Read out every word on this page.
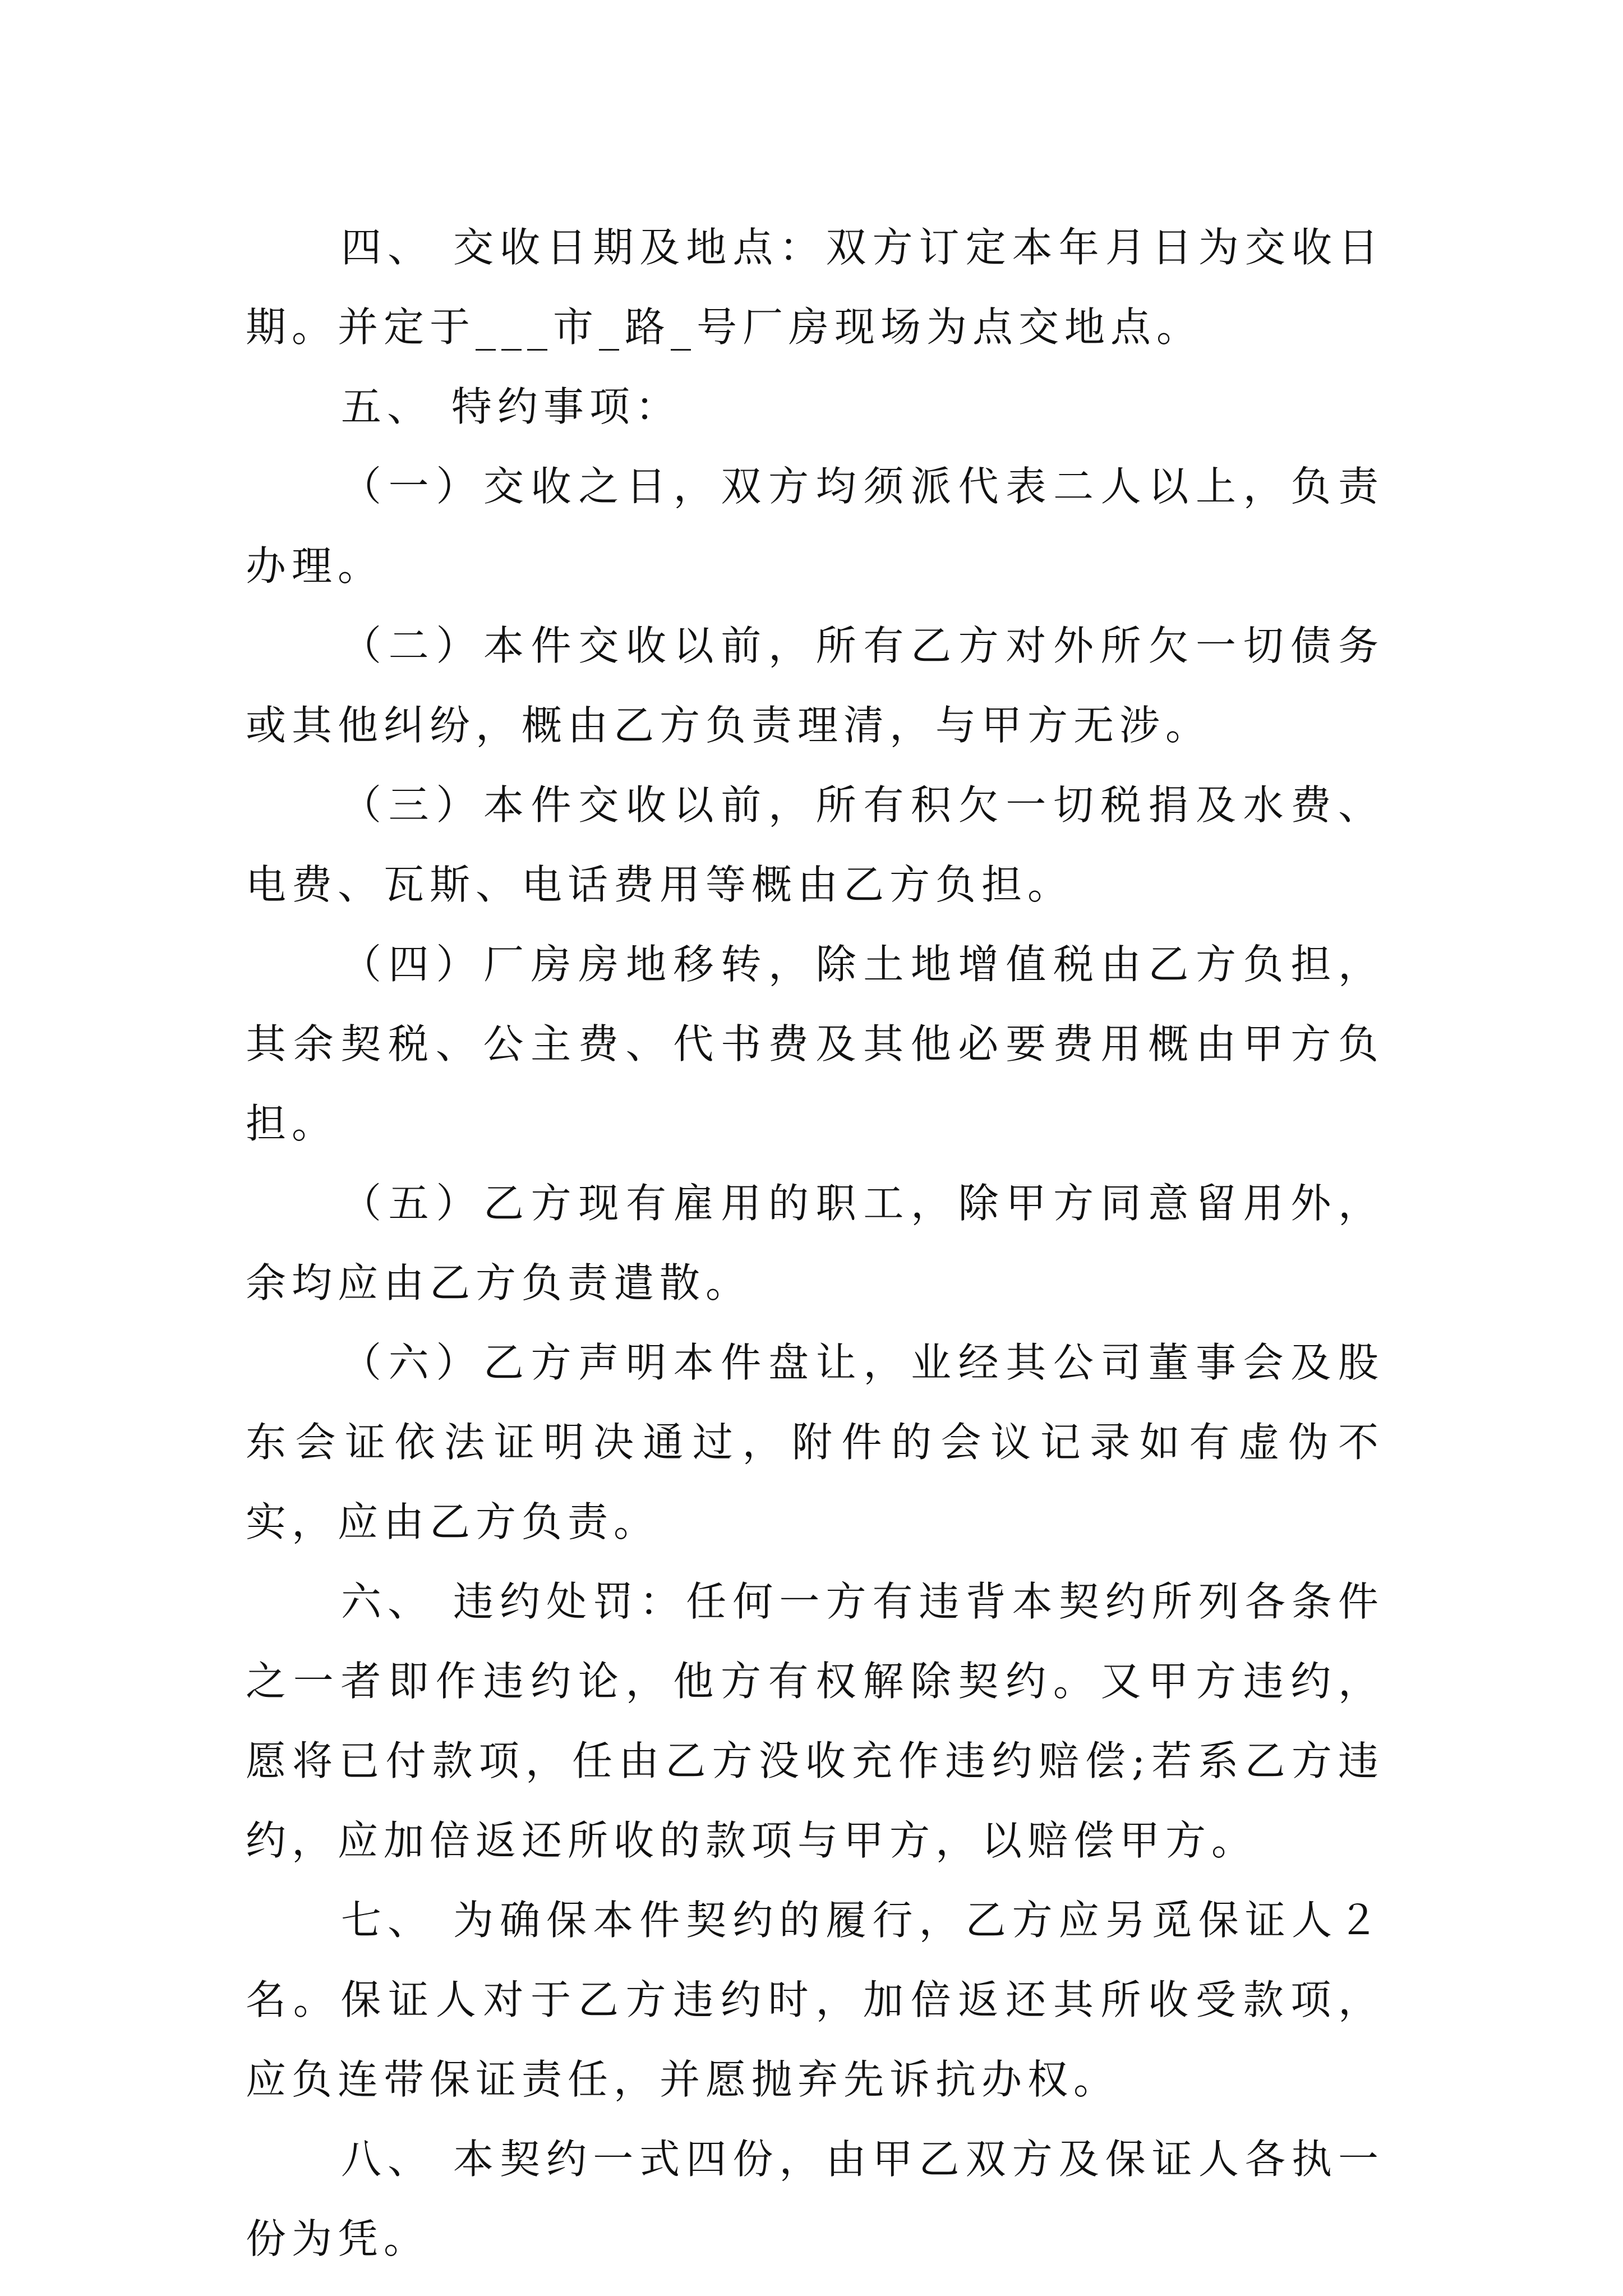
四、 交收日期及地点：双方订定本年月日为交收日期。并定于___市_路_号厂房现场为点交地点。

五、 特约事项：

（一）交收之日，双方均须派代表二人以上，负责办理。

（二）本件交收以前，所有乙方对外所欠一切债务或其他纠纷，概由乙方负责理清，与甲方无涉。

（三）本件交收以前，所有积欠一切税捐及水费、电费、瓦斯、电话费用等概由乙方负担。

（四）厂房房地移转，除土地增值税由乙方负担，其余契税、公主费、代书费及其他必要费用概由甲方负担。

（五）乙方现有雇用的职工，除甲方同意留用外，余均应由乙方负责遣散。

（六）乙方声明本件盘让，业经其公司董事会及股东会证依法证明决通过，附件的会议记录如有虚伪不实，应由乙方负责。

六、 违约处罚：任何一方有违背本契约所列各条件之一者即作违约论，他方有权解除契约。又甲方违约，愿将已付款项，任由乙方没收充作违约赔偿;若系乙方违约，应加倍返还所收的款项与甲方，以赔偿甲方。

七、 为确保本件契约的履行，乙方应另觅保证人２名。保证人对于乙方违约时，加倍返还其所收受款项，应负连带保证责任，并愿抛弃先诉抗办权。

八、 本契约一式四份，由甲乙双方及保证人各执一份为凭。
